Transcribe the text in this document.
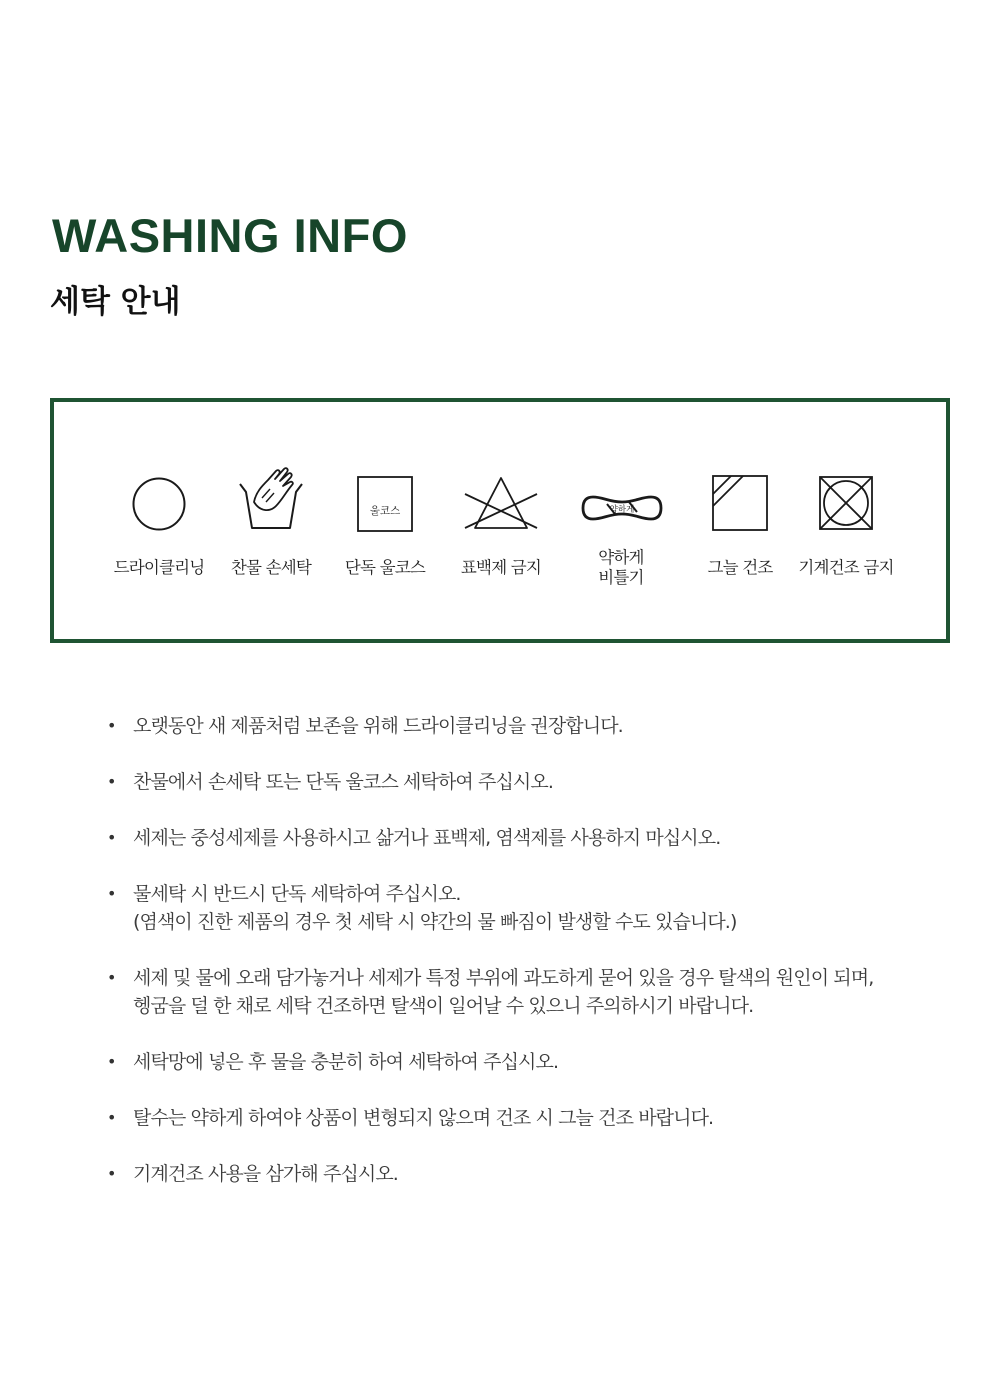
WASHING INFO
세탁 안내
드라이클리닝	찬물 손세탁
울코스
단독 울코스	표백제 금지
약하게
약하게
비틀기
그늘 건조	기계건조 금지
• 오랫동안 새 제품처럼 보존을 위해 드라이클리닝을 권장합니다.
• 찬물에서 손세탁 또는 단독 울코스 세탁하여 주십시오.
• 세제는 중성세제를 사용하시고 삶거나 표백제, 염색제를 사용하지 마십시오.
• 물세탁 시 반드시 단독 세탁하여 주십시오.
(염색이 진한 제품의 경우 첫 세탁 시 약간의 물 빠짐이 발생할 수도 있습니다.)
• 세제 및 물에 오래 담가놓거나 세제가 특정 부위에 과도하게 묻어 있을 경우 탈색의 원인이 되며,
헹굼을 덜 한 채로 세탁 건조하면 탈색이 일어날 수 있으니 주의하시기 바랍니다.
• 세탁망에 넣은 후 물을 충분히 하여 세탁하여 주십시오.
• 탈수는 약하게 하여야 상품이 변형되지 않으며 건조 시 그늘 건조 바랍니다.
• 기계건조 사용을 삼가해 주십시오.
